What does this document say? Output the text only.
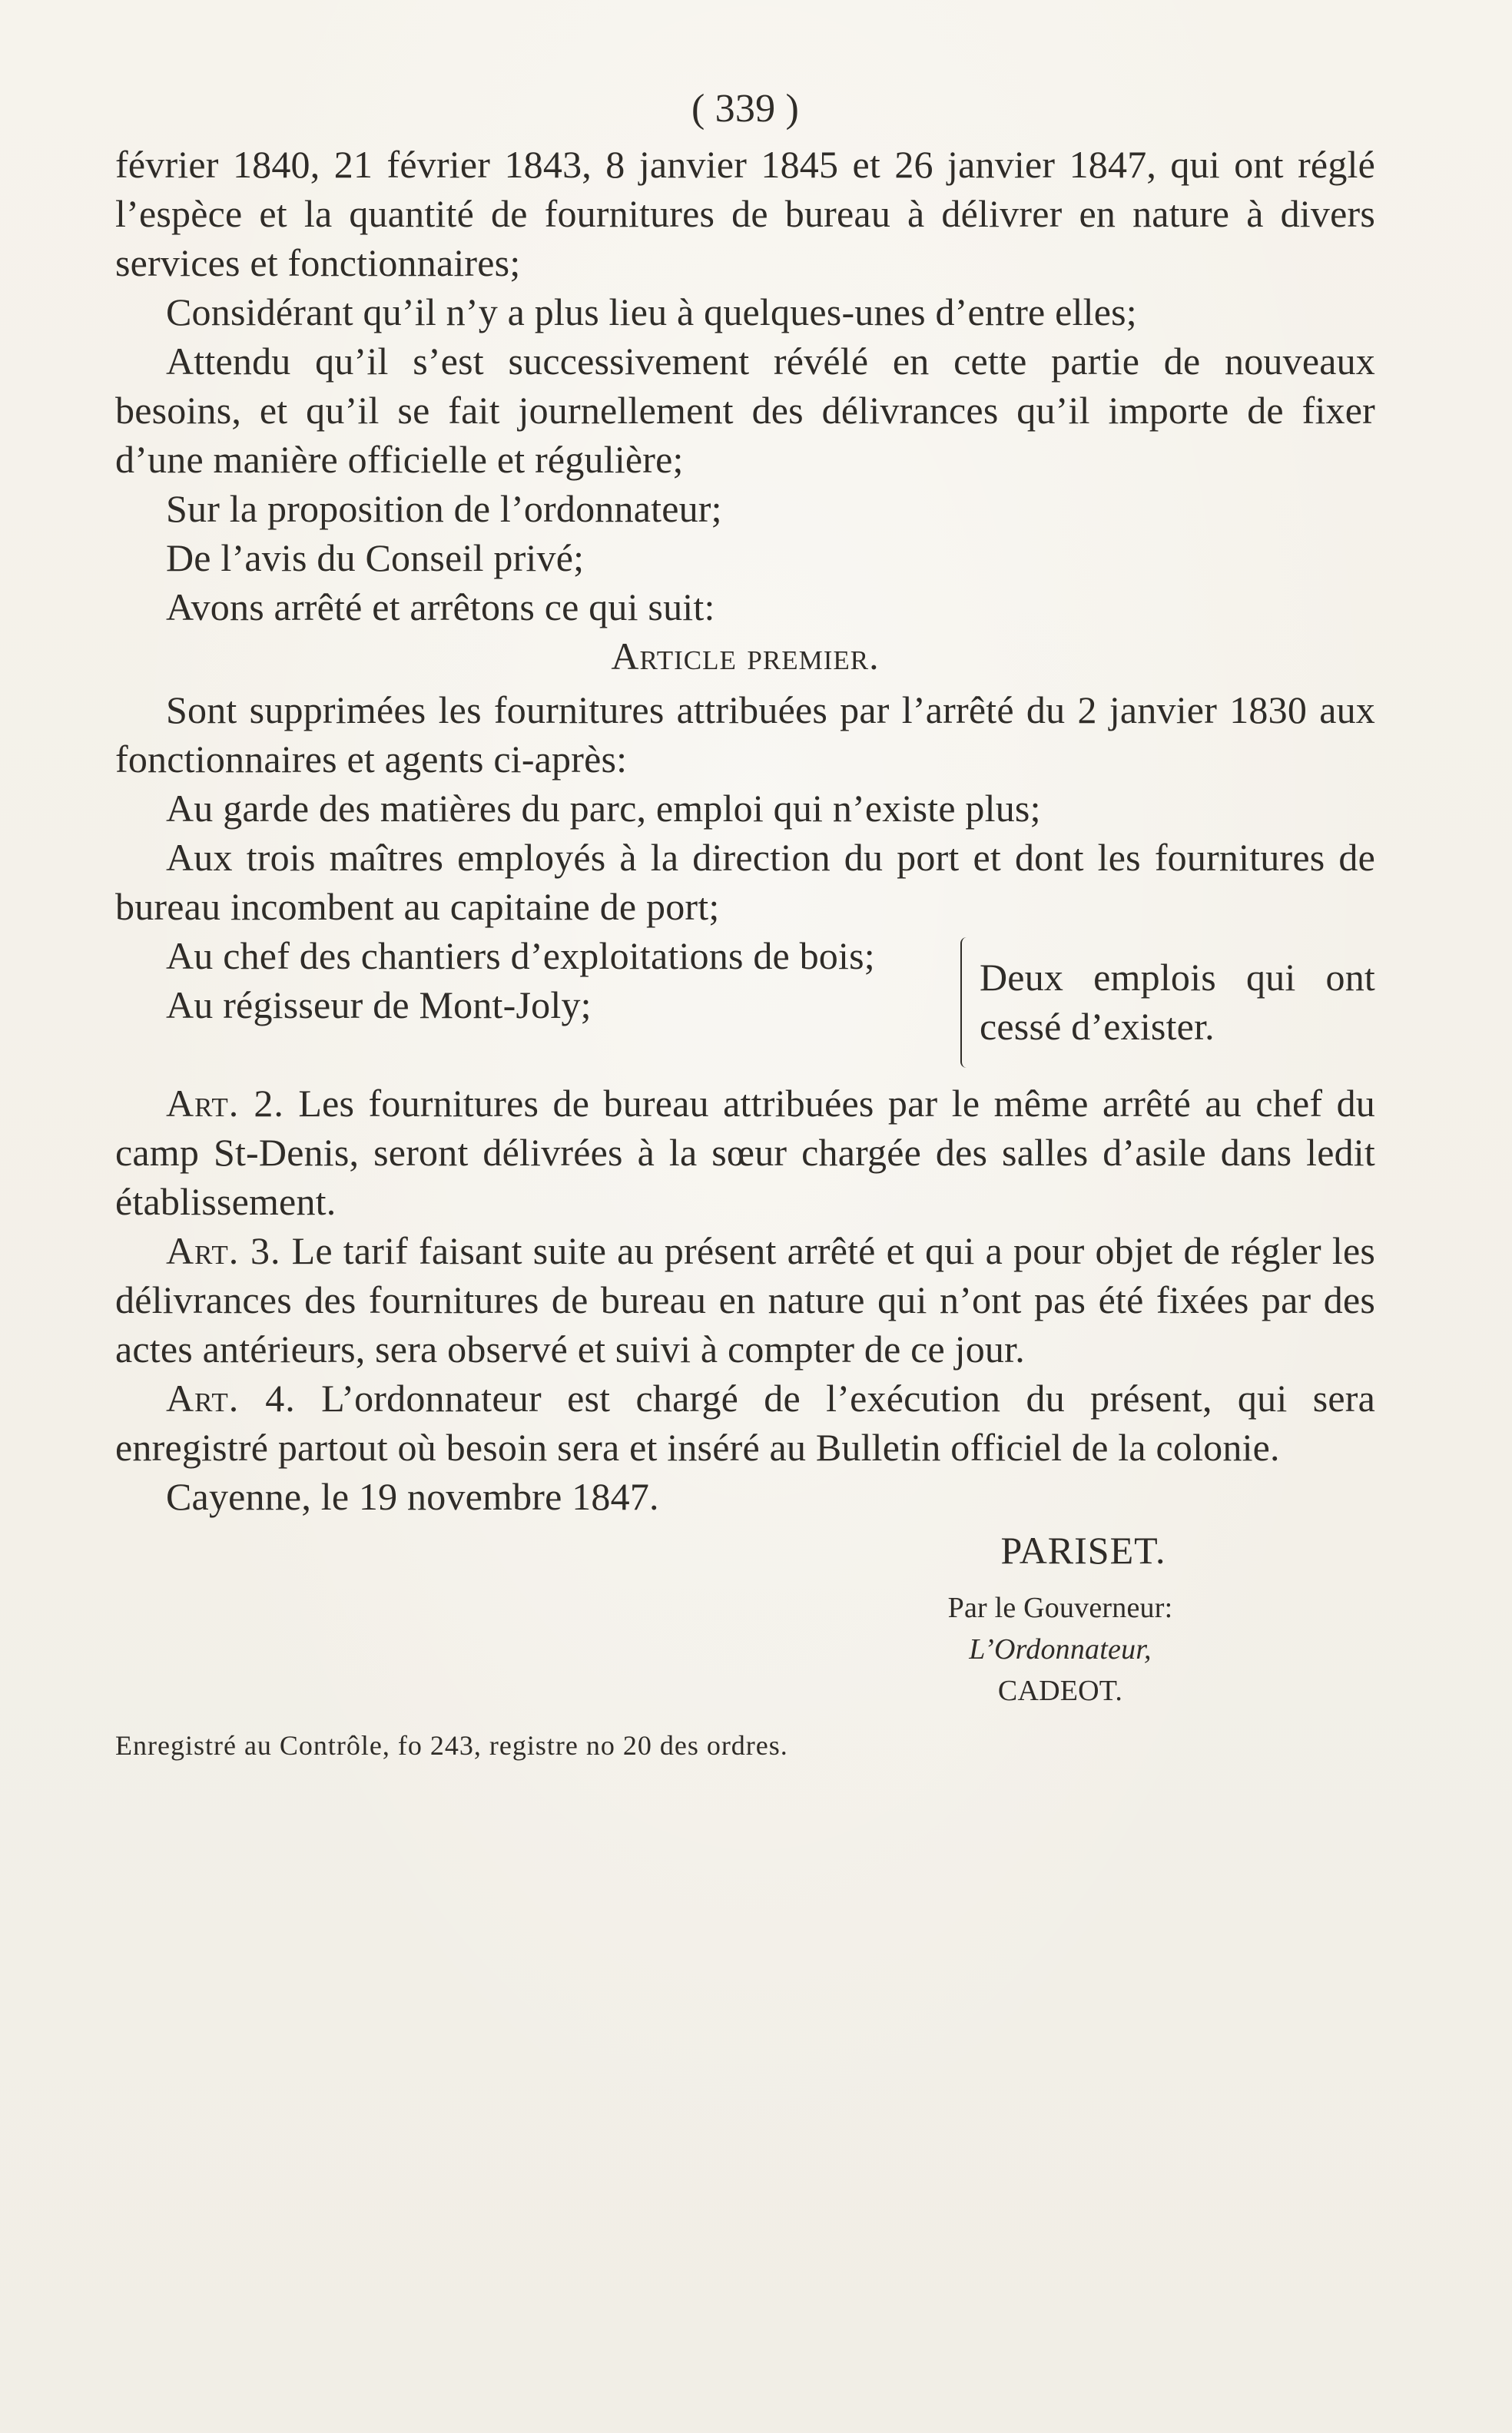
( 339 )

février 1840, 21 février 1843, 8 janvier 1845 et 26 janvier 1847, qui ont réglé l’espèce et la quantité de fournitures de bureau à délivrer en nature à divers services et fonctionnaires;

Considérant qu’il n’y a plus lieu à quelques-unes d’entre elles;

Attendu qu’il s’est successivement révélé en cette partie de nouveaux besoins, et qu’il se fait journellement des délivrances qu’il importe de fixer d’une manière officielle et régulière;

Sur la proposition de l’ordonnateur;

De l’avis du Conseil privé;

Avons arrêté et arrêtons ce qui suit:

Article premier.

Sont supprimées les fournitures attribuées par l’arrêté du 2 janvier 1830 aux fonctionnaires et agents ci-après:

Au garde des matières du parc, emploi qui n’existe plus;

Aux trois maîtres employés à la direction du port et dont les fournitures de bureau incombent au capitaine de port;

Au chef des chantiers d’exploitations de bois;

Au régisseur de Mont-Joly;

Deux emplois qui ont cessé d’exister.

Art. 2. Les fournitures de bureau attribuées par le même arrêté au chef du camp St-Denis, seront délivrées à la sœur chargée des salles d’asile dans ledit établissement.

Art. 3. Le tarif faisant suite au présent arrêté et qui a pour objet de régler les délivrances des fournitures de bureau en nature qui n’ont pas été fixées par des actes antérieurs, sera observé et suivi à compter de ce jour.

Art. 4. L’ordonnateur est chargé de l’exécution du présent, qui sera enregistré partout où besoin sera et inséré au Bulletin officiel de la colonie.

Cayenne, le 19 novembre 1847.

PARISET.
Par le Gouverneur:
L’Ordonnateur,
CADEOT.
Enregistré au Contrôle, fo 243, registre no 20 des ordres.
